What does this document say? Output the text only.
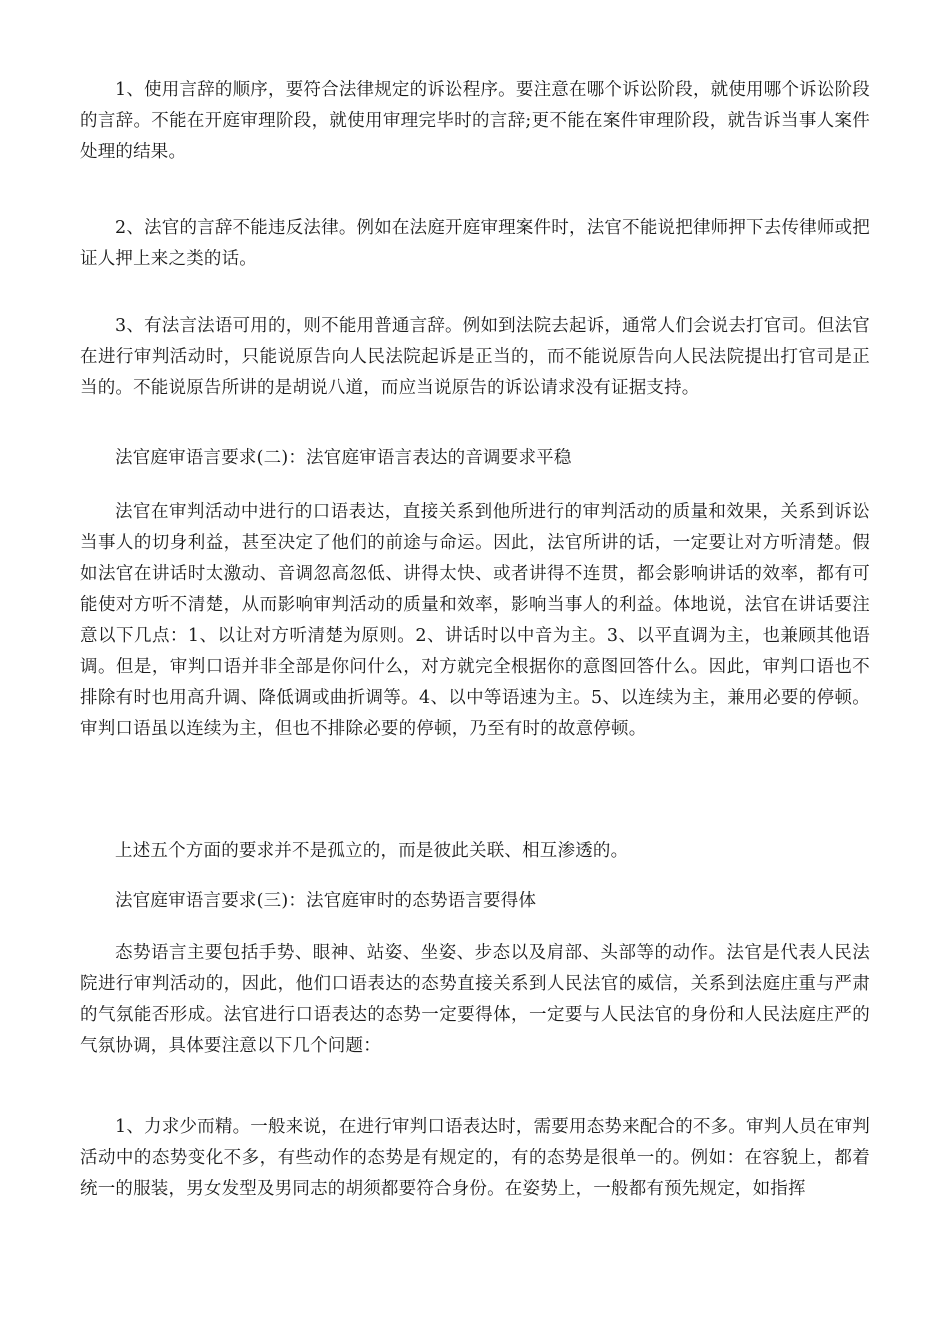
1、使用言辞的顺序，要符合法律规定的诉讼程序。要注意在哪个诉讼阶段，就使用哪个诉讼阶段的言辞。不能在开庭审理阶段，就使用审理完毕时的言辞;更不能在案件审理阶段，就告诉当事人案件处理的结果。

2、法官的言辞不能违反法律。例如在法庭开庭审理案件时，法官不能说把律师押下去传律师或把证人押上来之类的话。

3、有法言法语可用的，则不能用普通言辞。例如到法院去起诉，通常人们会说去打官司。但法官在进行审判活动时，只能说原告向人民法院起诉是正当的，而不能说原告向人民法院提出打官司是正当的。不能说原告所讲的是胡说八道，而应当说原告的诉讼请求没有证据支持。

法官庭审语言要求(二)：法官庭审语言表达的音调要求平稳

法官在审判活动中进行的口语表达，直接关系到他所进行的审判活动的质量和效果，关系到诉讼当事人的切身利益，甚至决定了他们的前途与命运。因此，法官所讲的话，一定要让对方听清楚。假如法官在讲话时太激动、音调忽高忽低、讲得太快、或者讲得不连贯，都会影响讲话的效率，都有可能使对方听不清楚，从而影响审判活动的质量和效率，影响当事人的利益。体地说，法官在讲话要注意以下几点：1、以让对方听清楚为原则。2、讲话时以中音为主。3、以平直调为主，也兼顾其他语调。但是，审判口语并非全部是你问什么，对方就完全根据你的意图回答什么。因此，审判口语也不排除有时也用高升调、降低调或曲折调等。4、以中等语速为主。5、以连续为主，兼用必要的停顿。审判口语虽以连续为主，但也不排除必要的停顿，乃至有时的故意停顿。

上述五个方面的要求并不是孤立的，而是彼此关联、相互渗透的。

法官庭审语言要求(三)：法官庭审时的态势语言要得体

态势语言主要包括手势、眼神、站姿、坐姿、步态以及肩部、头部等的动作。法官是代表人民法院进行审判活动的，因此，他们口语表达的态势直接关系到人民法官的威信，关系到法庭庄重与严肃的气氛能否形成。法官进行口语表达的态势一定要得体，一定要与人民法官的身份和人民法庭庄严的气氛协调，具体要注意以下几个问题：

1、力求少而精。一般来说，在进行审判口语表达时，需要用态势来配合的不多。审判人员在审判活动中的态势变化不多，有些动作的态势是有规定的，有的态势是很单一的。例如：在容貌上，都着统一的服装，男女发型及男同志的胡须都要符合身份。在姿势上，一般都有预先规定，如指挥
